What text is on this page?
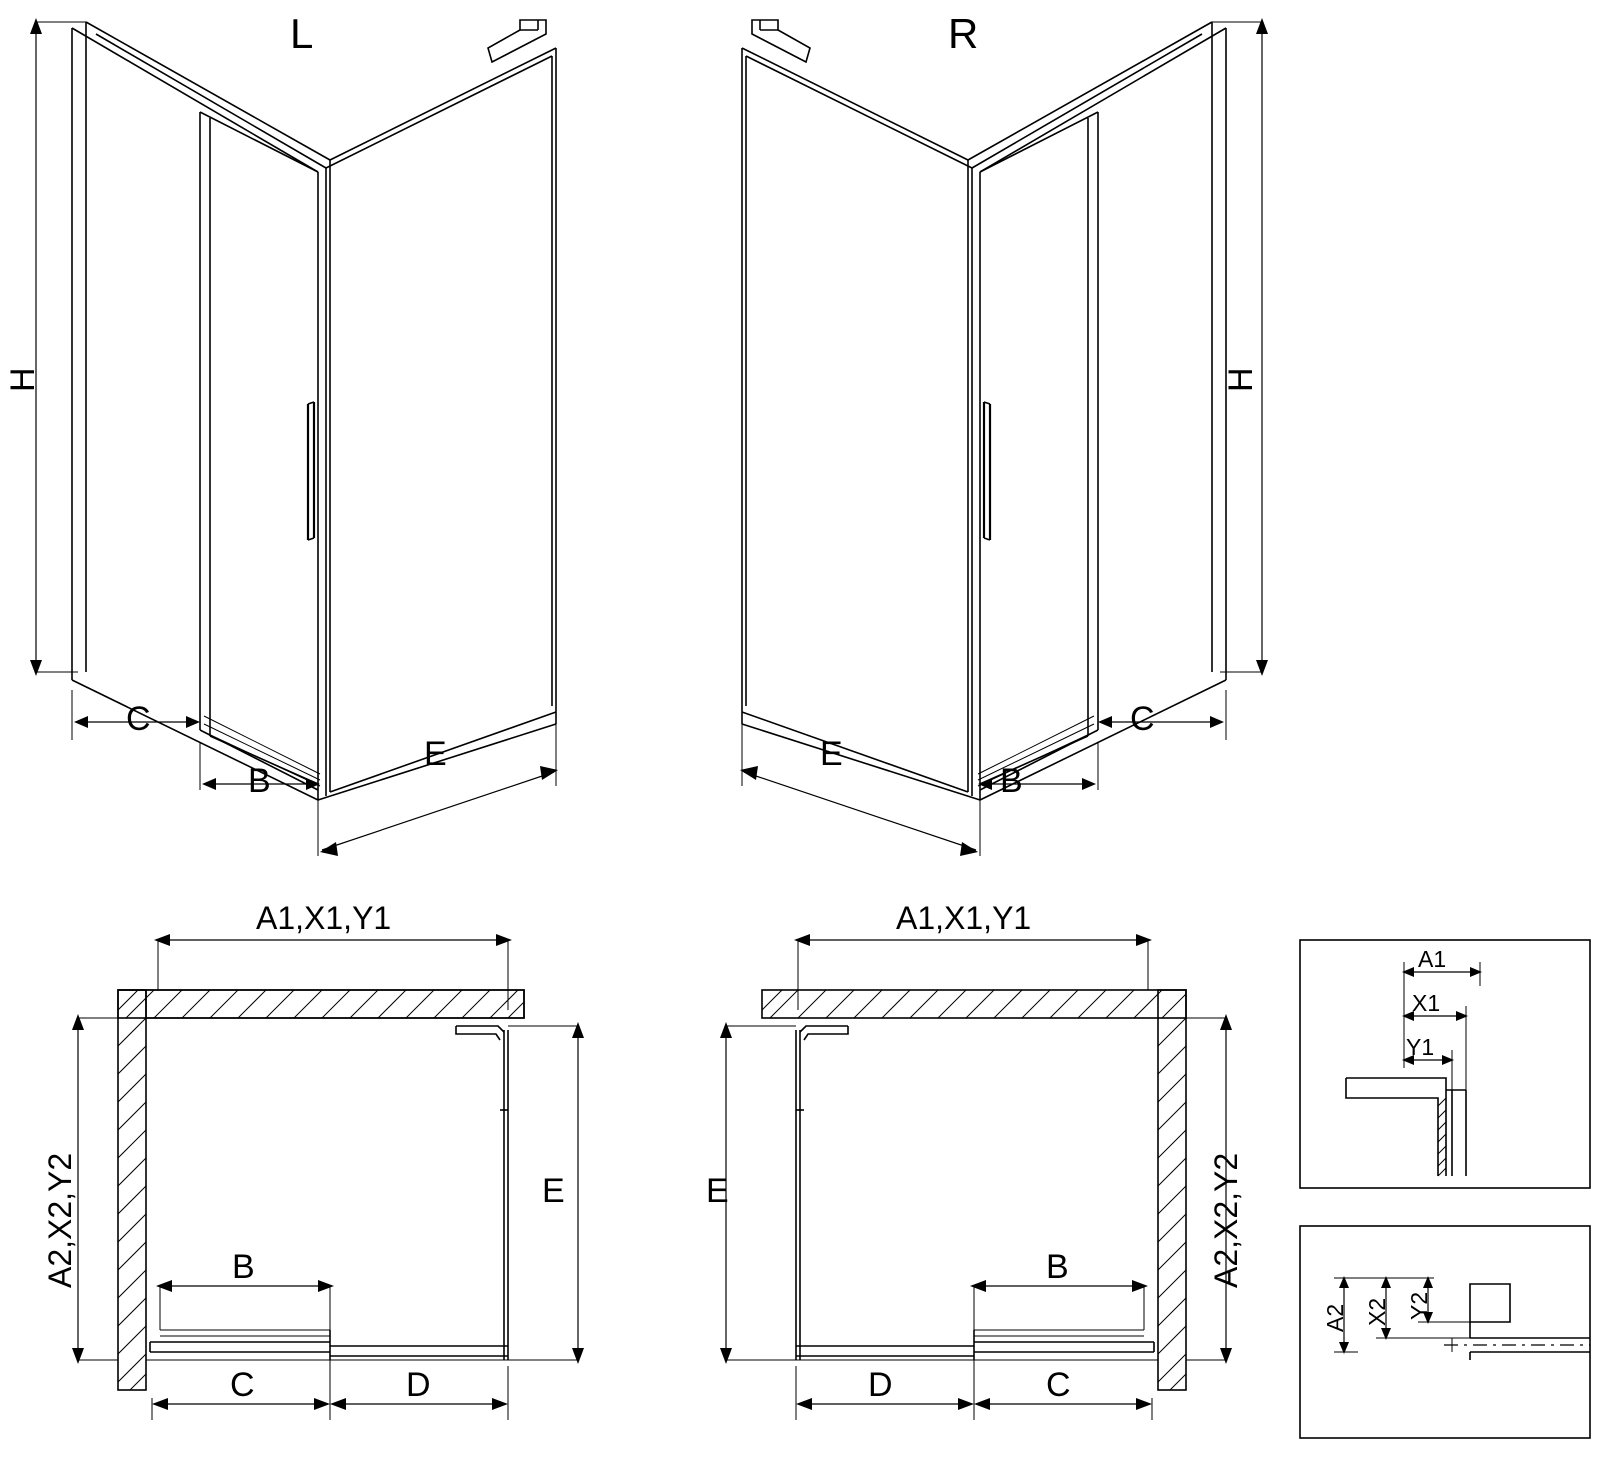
L
H
C
B
E
R
H
C
B
E
A1,X1,Y1
A2,X2,Y2	E
B
C	D
A1,X1,Y1
A2,X2,Y2
E
B
C
D
A1
X1
Y1
A2 X2 Y2
